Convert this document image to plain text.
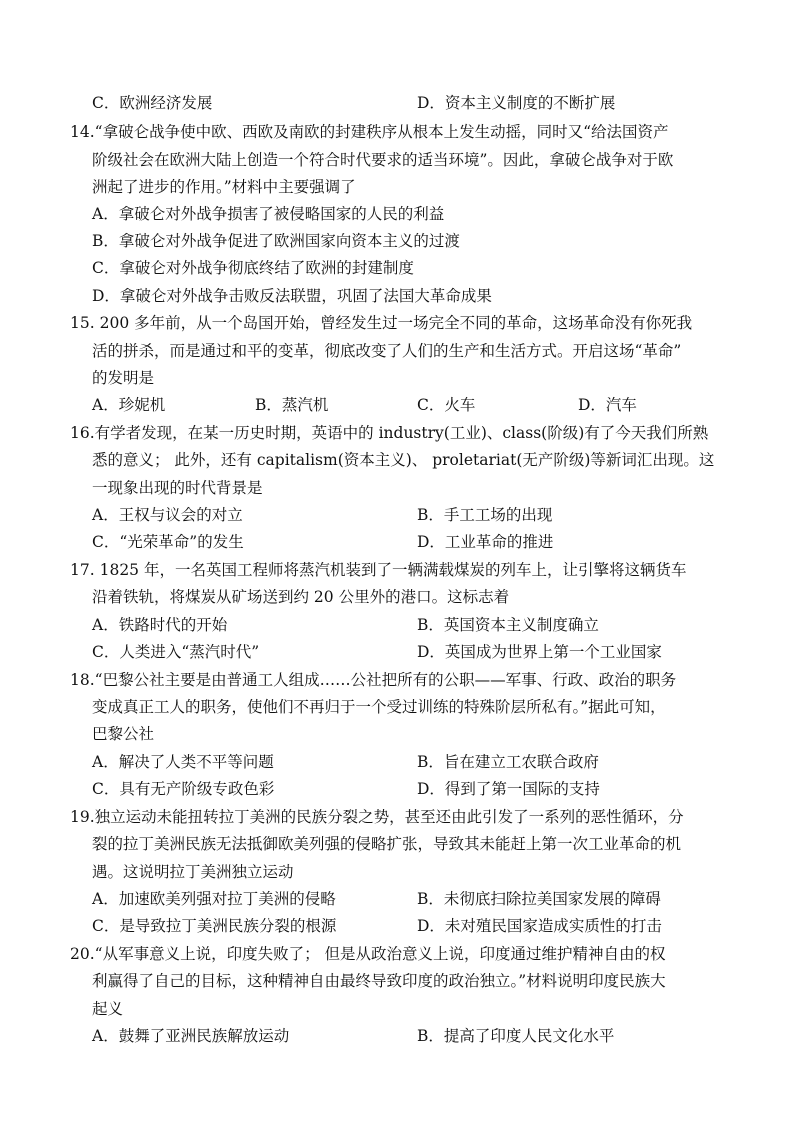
C．欧洲经济发展	D．资本主义制度的不断扩展
14.“拿破仑战争使中欧、西欧及南欧的封建秩序从根本上发生动摇，同时又“给法国资产
阶级社会在欧洲大陆上创造一个符合时代要求的适当环境”。因此，拿破仑战争对于欧
洲起了进步的作用。”材料中主要强调了
A．拿破仑对外战争损害了被侵略国家的人民的利益
B．拿破仑对外战争促进了欧洲国家向资本主义的过渡
C．拿破仑对外战争彻底终结了欧洲的封建制度
D．拿破仑对外战争击败反法联盟，巩固了法国大革命成果
15. 200 多年前，从一个岛国开始，曾经发生过一场完全不同的革命，这场革命没有你死我
活的拼杀，而是通过和平的变革，彻底改变了人们的生产和生活方式。开启这场“革命”
的发明是
A．珍妮机	B．蒸汽机	C．火车	D．汽车
16.有学者发现，在某一历史时期，英语中的 industry(工业)、class(阶级)有了今天我们所熟
悉的意义； 此外，还有 capitalism(资本主义)、 proletariat(无产阶级)等新词汇出现。这
一现象出现的时代背景是
A．王权与议会的对立	B．手工工场的出现
C．“光荣革命”的发生	D．工业革命的推进
17. 1825 年，一名英国工程师将蒸汽机装到了一辆满载煤炭的列车上，让引擎将这辆货车
沿着铁轨，将煤炭从矿场送到约 20 公里外的港口。这标志着
A．铁路时代的开始	B．英国资本主义制度确立
C．人类进入“蒸汽时代”	D．英国成为世界上第一个工业国家
18.“巴黎公社主要是由普通工人组成……公社把所有的公职——军事、行政、政治的职务
变成真正工人的职务，使他们不再归于一个受过训练的特殊阶层所私有。”据此可知，
巴黎公社
A．解决了人类不平等问题	B．旨在建立工农联合政府
C．具有无产阶级专政色彩	D．得到了第一国际的支持
19.独立运动未能扭转拉丁美洲的民族分裂之势，甚至还由此引发了一系列的恶性循环，分
裂的拉丁美洲民族无法抵御欧美列强的侵略扩张，导致其未能赶上第一次工业革命的机
遇。这说明拉丁美洲独立运动
A．加速欧美列强对拉丁美洲的侵略	B．未彻底扫除拉美国家发展的障碍
C．是导致拉丁美洲民族分裂的根源	D．未对殖民国家造成实质性的打击
20.“从军事意义上说，印度失败了； 但是从政治意义上说，印度通过维护精神自由的权
利赢得了自己的目标，这种精神自由最终导致印度的政治独立。”材料说明印度民族大
起义
A．鼓舞了亚洲民族解放运动	B．提高了印度人民文化水平
